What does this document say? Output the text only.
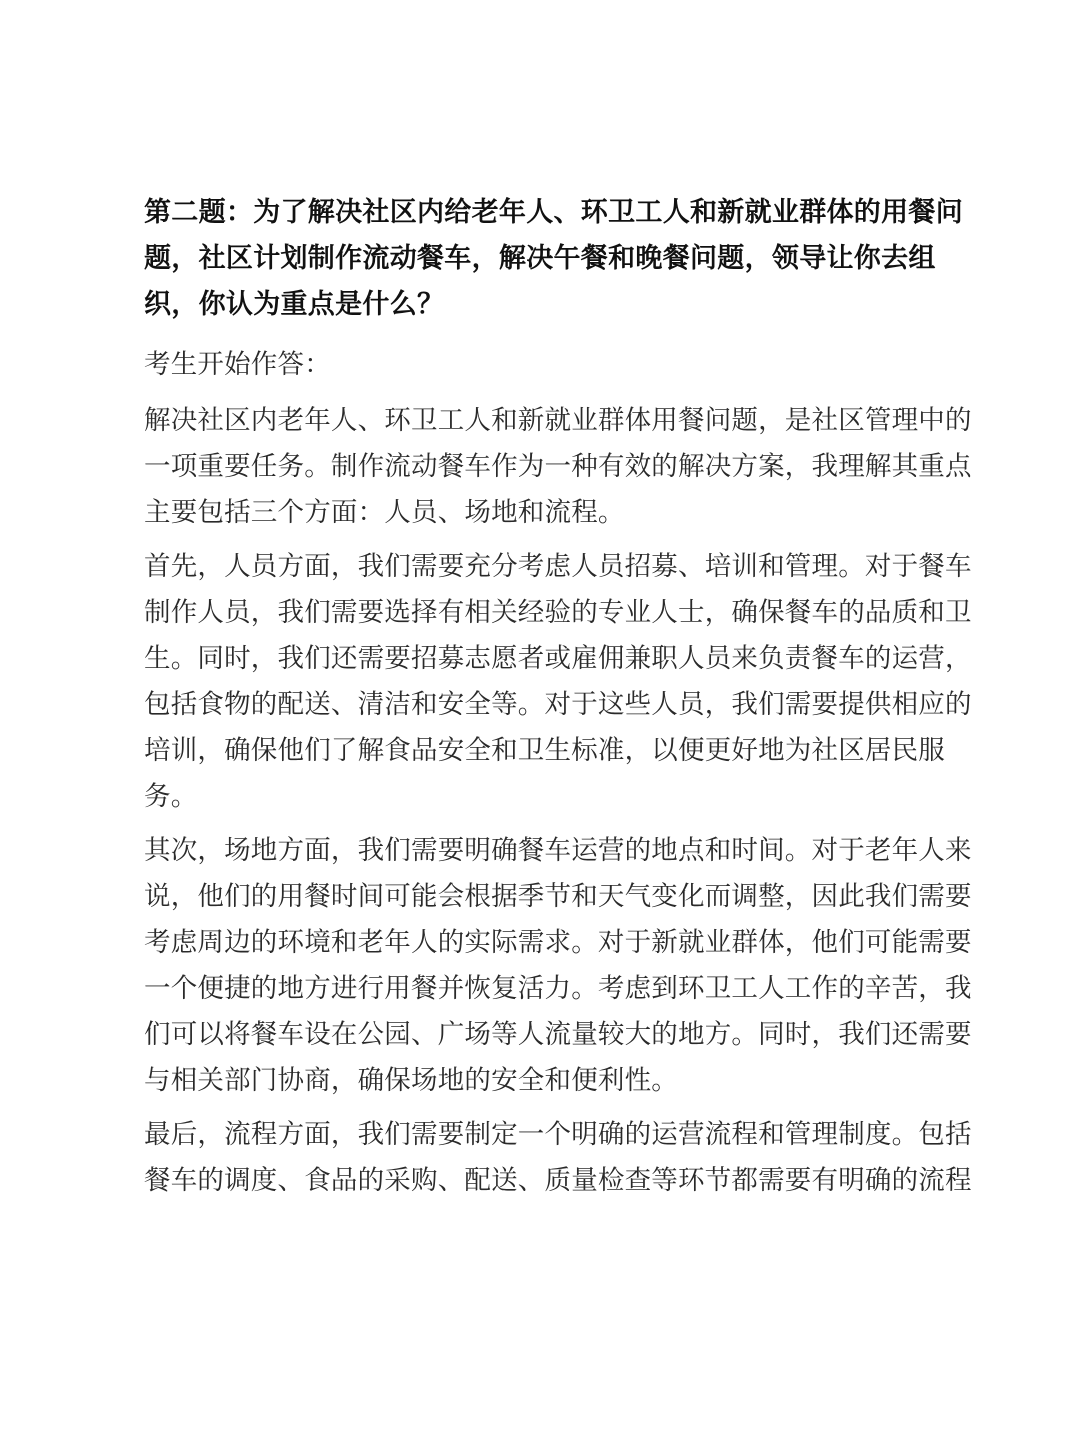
第二题：为了解决社区内给老年人、环卫工人和新就业群体的用餐问题，社区计划制作流动餐车，解决午餐和晚餐问题，领导让你去组织，你认为重点是什么？

考生开始作答：

解决社区内老年人、环卫工人和新就业群体用餐问题，是社区管理中的一项重要任务。制作流动餐车作为一种有效的解决方案，我理解其重点主要包括三个方面：人员、场地和流程。

首先，人员方面，我们需要充分考虑人员招募、培训和管理。对于餐车制作人员，我们需要选择有相关经验的专业人士，确保餐车的品质和卫生。同时，我们还需要招募志愿者或雇佣兼职人员来负责餐车的运营，包括食物的配送、清洁和安全等。对于这些人员，我们需要提供相应的培训，确保他们了解食品安全和卫生标准，以便更好地为社区居民服务。

其次，场地方面，我们需要明确餐车运营的地点和时间。对于老年人来说，他们的用餐时间可能会根据季节和天气变化而调整，因此我们需要考虑周边的环境和老年人的实际需求。对于新就业群体，他们可能需要一个便捷的地方进行用餐并恢复活力。考虑到环卫工人工作的辛苦，我们可以将餐车设在公园、广场等人流量较大的地方。同时，我们还需要与相关部门协商，确保场地的安全和便利性。

最后，流程方面，我们需要制定一个明确的运营流程和管理制度。包括餐车的调度、食品的采购、配送、质量检查等环节都需要有明确的流程
